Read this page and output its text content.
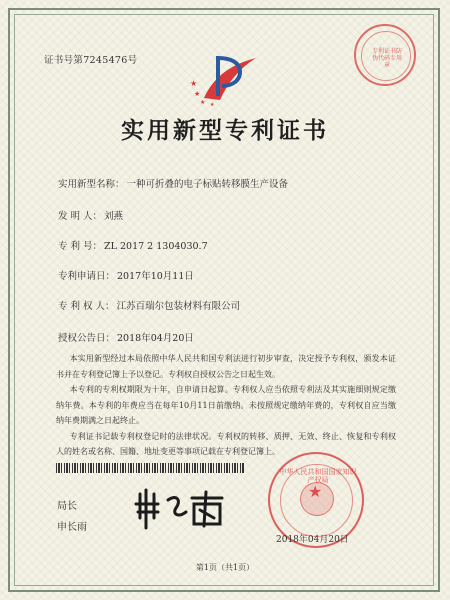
证书号第7245476号
★
★
★ ★
专利证书防伪代码专用章
实用新型专利证书
实用新型名称： 一种可折叠的电子标贴转移膜生产设备
发 明 人： 刘燕
专 利 号： ZL 2017 2 1304030.7
专利申请日： 2017年10月11日
专 利 权 人： 江苏百瑞尔包装材料有限公司
授权公告日： 2018年04月20日

本实用新型经过本局依照中华人民共和国专利法进行初步审查，决定授予专利权，颁发本证书并在专利登记簿上予以登记。专利权自授权公告之日起生效。

本专利的专利权期限为十年，自申请日起算。专利权人应当依照专利法及其实施细则规定缴纳年费。本专利的年费应当在每年10月11日前缴纳。未按照规定缴纳年费的，专利权自应当缴纳年费期满之日起终止。

专利证书记载专利权登记时的法律状况。专利权的转移、质押、无效、终止、恢复和专利权人的姓名或名称、国籍、地址变更等事项记载在专利登记簿上。

局长
申长雨
★
中华人民共和国国家知识产权局
2018年04月20日
第1页（共1页）
